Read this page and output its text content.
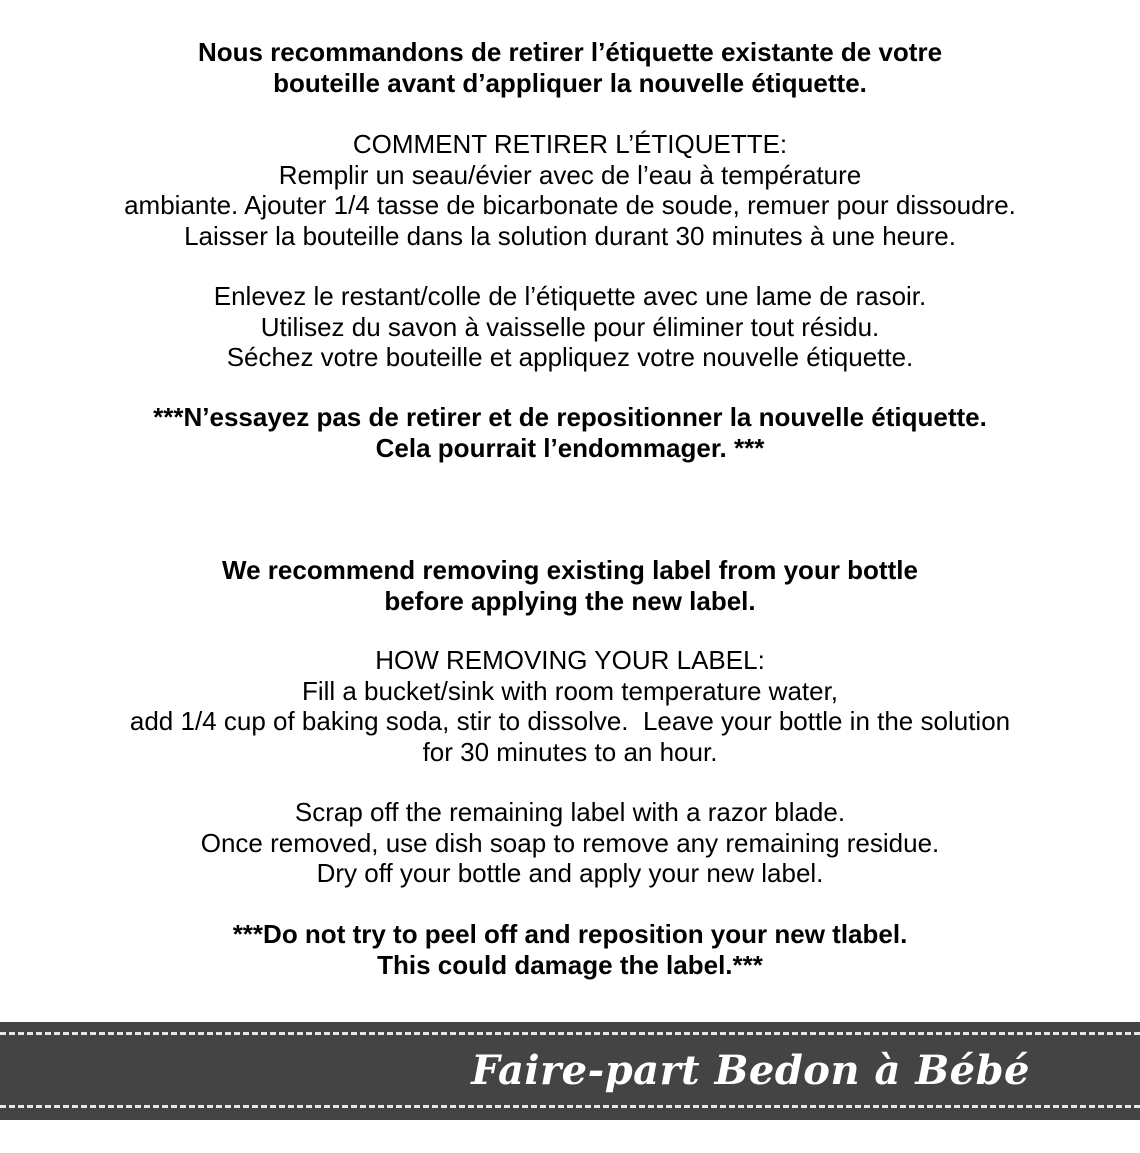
Nous recommandons de retirer l’étiquette existante de votre
bouteille avant d’appliquer la nouvelle étiquette.
COMMENT RETIRER L’ÉTIQUETTE:
Remplir un seau/évier avec de l’eau à température
ambiante. Ajouter 1/4 tasse de bicarbonate de soude, remuer pour dissoudre.
Laisser la bouteille dans la solution durant 30 minutes à une heure.
Enlevez le restant/colle de l’étiquette avec une lame de rasoir.
Utilisez du savon à vaisselle pour éliminer tout résidu.
Séchez votre bouteille et appliquez votre nouvelle étiquette.
***N’essayez pas de retirer et de repositionner la nouvelle étiquette.
Cela pourrait l’endommager. ***
We recommend removing existing label from your bottle
before applying the new label.
HOW REMOVING YOUR LABEL:
Fill a bucket/sink with room temperature water,
add 1/4 cup of baking soda, stir to dissolve.  Leave your bottle in the solution
for 30 minutes to an hour.
Scrap off the remaining label with a razor blade.
Once removed, use dish soap to remove any remaining residue.
Dry off your bottle and apply your new label.
***Do not try to peel off and reposition your new tlabel.
This could damage the label.***
Faire-part Bedon à Bébé
